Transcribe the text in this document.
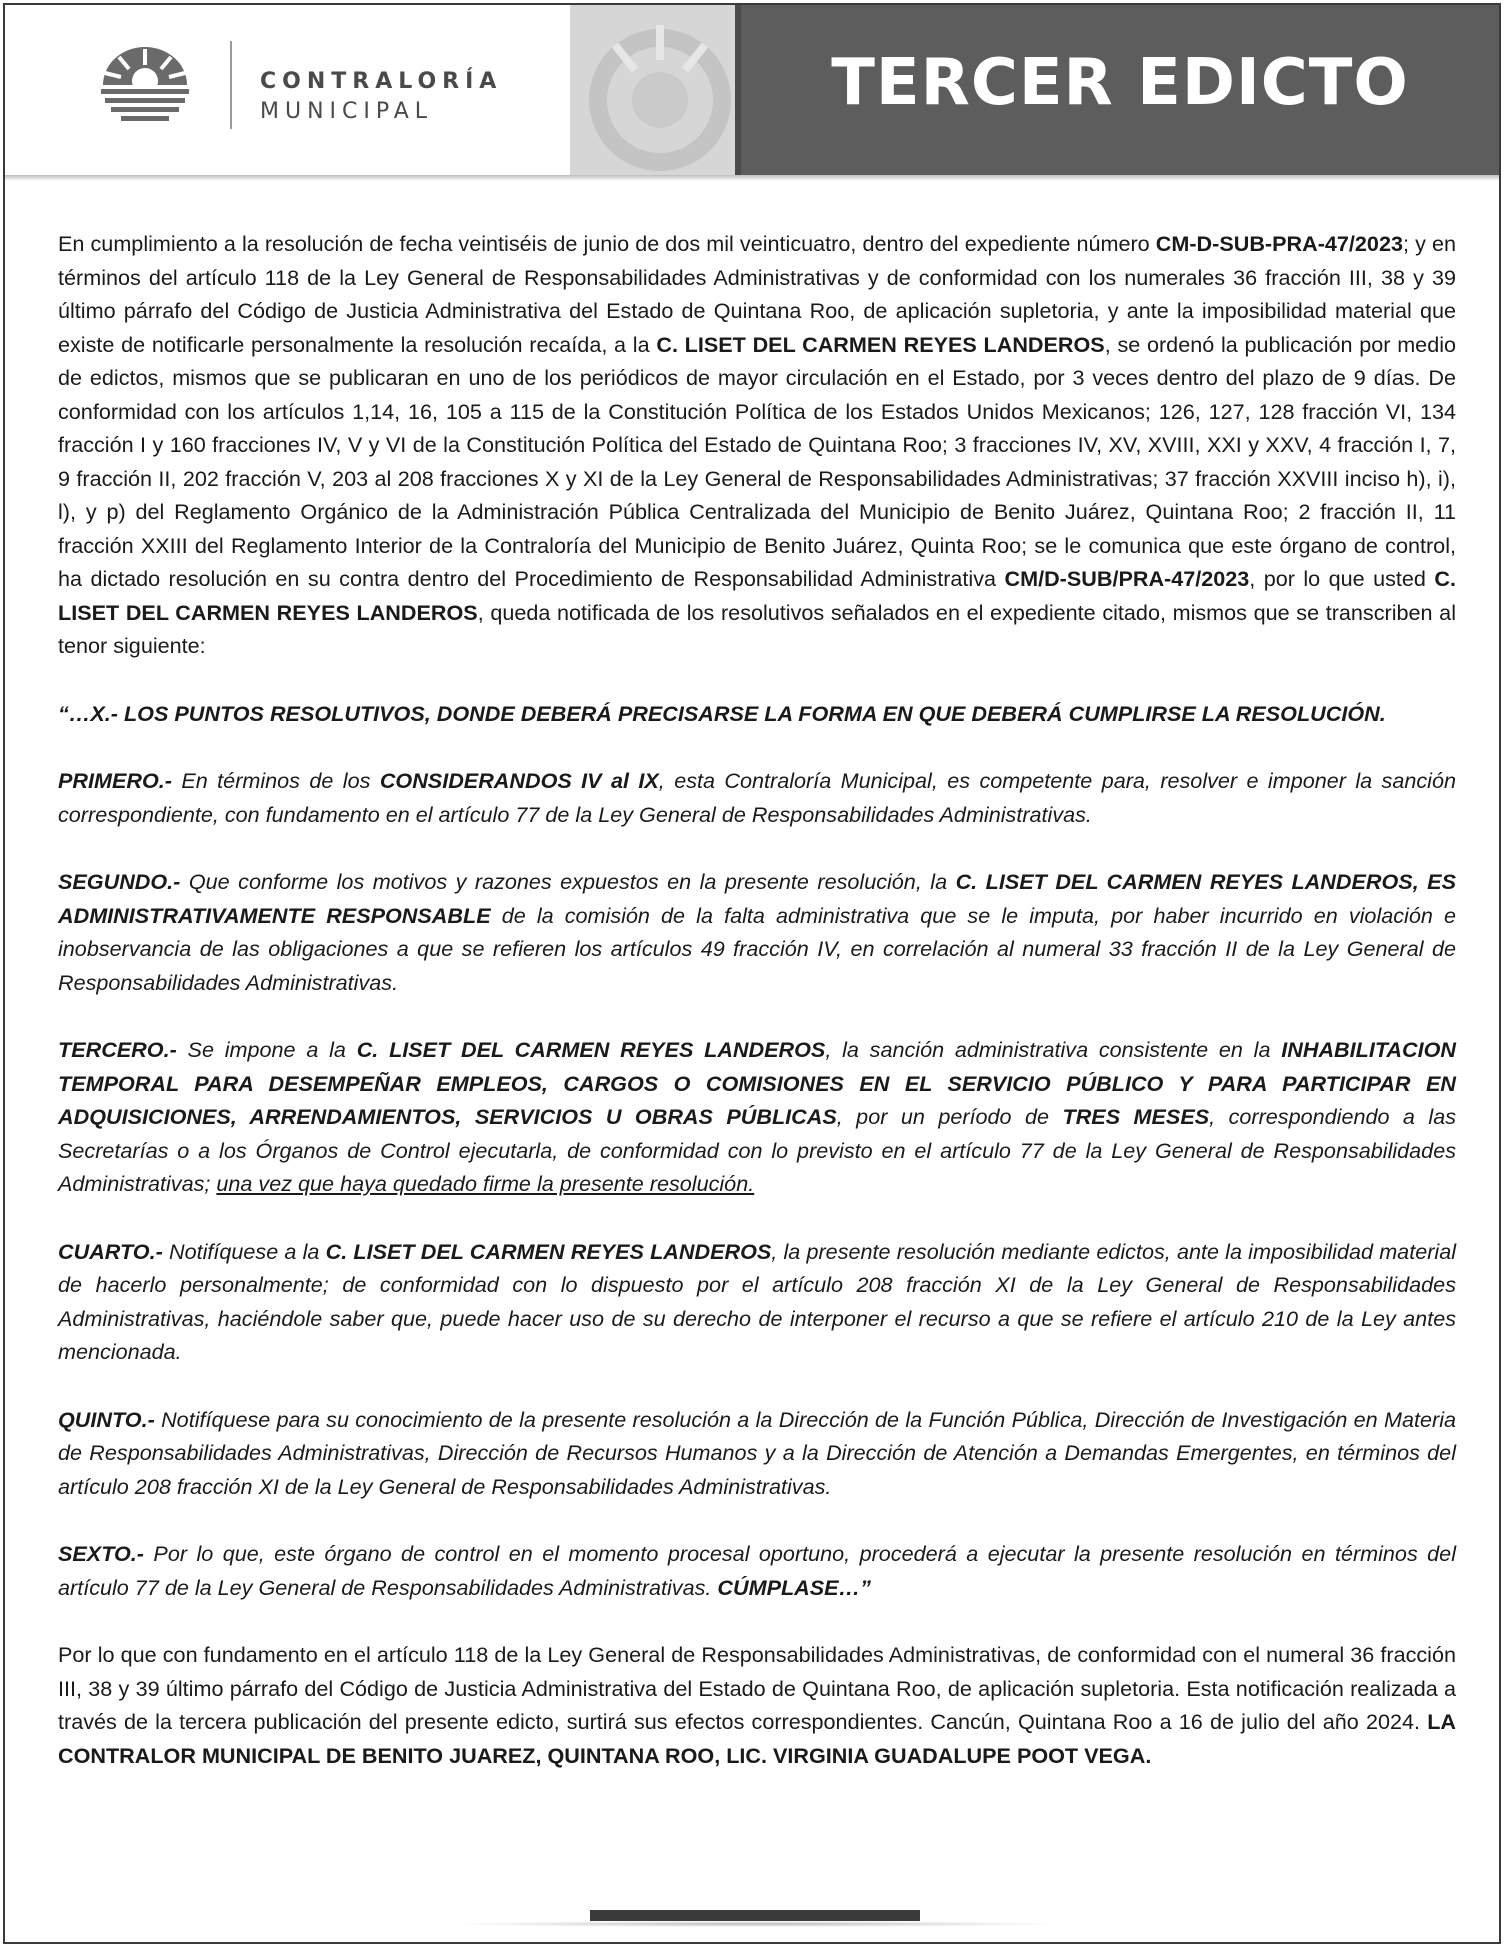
CONTRALORÍA
MUNICIPAL	TERCER EDICTO

En cumplimiento a la resolución de fecha veintiséis de junio de dos mil veinticuatro, dentro del expediente número CM-D-SUB-PRA-47/2023; y en términos del artículo 118 de la Ley General de Responsabilidades Administrativas y de conformidad con los numerales 36 fracción III, 38 y 39 último párrafo del Código de Justicia Administrativa del Estado de Quintana Roo, de aplicación supletoria, y ante la imposibilidad material que existe de notificarle personalmente la resolución recaída, a la C. LISET DEL CARMEN REYES LANDEROS, se ordenó la publicación por medio de edictos, mismos que se publicaran en uno de los periódicos de mayor circulación en el Estado, por 3 veces dentro del plazo de 9 días. De conformidad con los artículos 1,14, 16, 105 a 115 de la Constitución Política de los Estados Unidos Mexicanos; 126, 127, 128 fracción VI, 134 fracción I y 160 fracciones IV, V y VI de la Constitución Política del Estado de Quintana Roo; 3 fracciones IV, XV, XVIII, XXI y XXV, 4 fracción I, 7, 9 fracción II, 202 fracción V, 203 al 208 fracciones X y XI de la Ley General de Responsabilidades Administrativas; 37 fracción XXVIII inciso h), i), l), y p) del Reglamento Orgánico de la Administración Pública Centralizada del Municipio de Benito Juárez, Quintana Roo; 2 fracción II, 11 fracción XXIII del Reglamento Interior de la Contraloría del Municipio de Benito Juárez, Quinta Roo; se le comunica que este órgano de control, ha dictado resolución en su contra dentro del Procedimiento de Responsabilidad Administrativa CM/D-SUB/PRA-47/2023, por lo que usted C. LISET DEL CARMEN REYES LANDEROS, queda notificada de los resolutivos señalados en el expediente citado, mismos que se transcriben al tenor siguiente:

“…X.- LOS PUNTOS RESOLUTIVOS, DONDE DEBERÁ PRECISARSE LA FORMA EN QUE DEBERÁ CUMPLIRSE LA RESOLUCIÓN.

PRIMERO.- En términos de los CONSIDERANDOS IV al IX, esta Contraloría Municipal, es competente para, resolver e imponer la sanción correspondiente, con fundamento en el artículo 77 de la Ley General de Responsabilidades Administrativas.

SEGUNDO.- Que conforme los motivos y razones expuestos en la presente resolución, la C. LISET DEL CARMEN REYES LANDEROS, ES ADMINISTRATIVAMENTE RESPONSABLE de la comisión de la falta administrativa que se le imputa, por haber incurrido en violación e inobservancia de las obligaciones a que se refieren los artículos 49 fracción IV, en correlación al numeral 33 fracción II de la Ley General de Responsabilidades Administrativas.

TERCERO.- Se impone a la C. LISET DEL CARMEN REYES LANDEROS, la sanción administrativa consistente en la INHABILITACION TEMPORAL PARA DESEMPEÑAR EMPLEOS, CARGOS O COMISIONES EN EL SERVICIO PÚBLICO Y PARA PARTICIPAR EN ADQUISICIONES, ARRENDAMIENTOS, SERVICIOS U OBRAS PÚBLICAS, por un período de TRES MESES, correspondiendo a las Secretarías o a los Órganos de Control ejecutarla, de conformidad con lo previsto en el artículo 77 de la Ley General de Responsabilidades Administrativas; una vez que haya quedado firme la presente resolución.

CUARTO.- Notifíquese a la C. LISET DEL CARMEN REYES LANDEROS, la presente resolución mediante edictos, ante la imposibilidad material de hacerlo personalmente; de conformidad con lo dispuesto por el artículo 208 fracción XI de la Ley General de Responsabilidades Administrativas, haciéndole saber que, puede hacer uso de su derecho de interponer el recurso a que se refiere el artículo 210 de la Ley antes mencionada.

QUINTO.- Notifíquese para su conocimiento de la presente resolución a la Dirección de la Función Pública, Dirección de Investigación en Materia de Responsabilidades Administrativas, Dirección de Recursos Humanos y a la Dirección de Atención a Demandas Emergentes, en términos del artículo 208 fracción XI de la Ley General de Responsabilidades Administrativas.

SEXTO.- Por lo que, este órgano de control en el momento procesal oportuno, procederá a ejecutar la presente resolución en términos del artículo 77 de la Ley General de Responsabilidades Administrativas. CÚMPLASE…”

Por lo que con fundamento en el artículo 118 de la Ley General de Responsabilidades Administrativas, de conformidad con el numeral 36 fracción III, 38 y 39 último párrafo del Código de Justicia Administrativa del Estado de Quintana Roo, de aplicación supletoria. Esta notificación realizada a través de la tercera publicación del presente edicto, surtirá sus efectos correspondientes. Cancún, Quintana Roo a 16 de julio del año 2024. LA CONTRALOR MUNICIPAL DE BENITO JUAREZ, QUINTANA ROO, LIC. VIRGINIA GUADALUPE POOT VEGA.
